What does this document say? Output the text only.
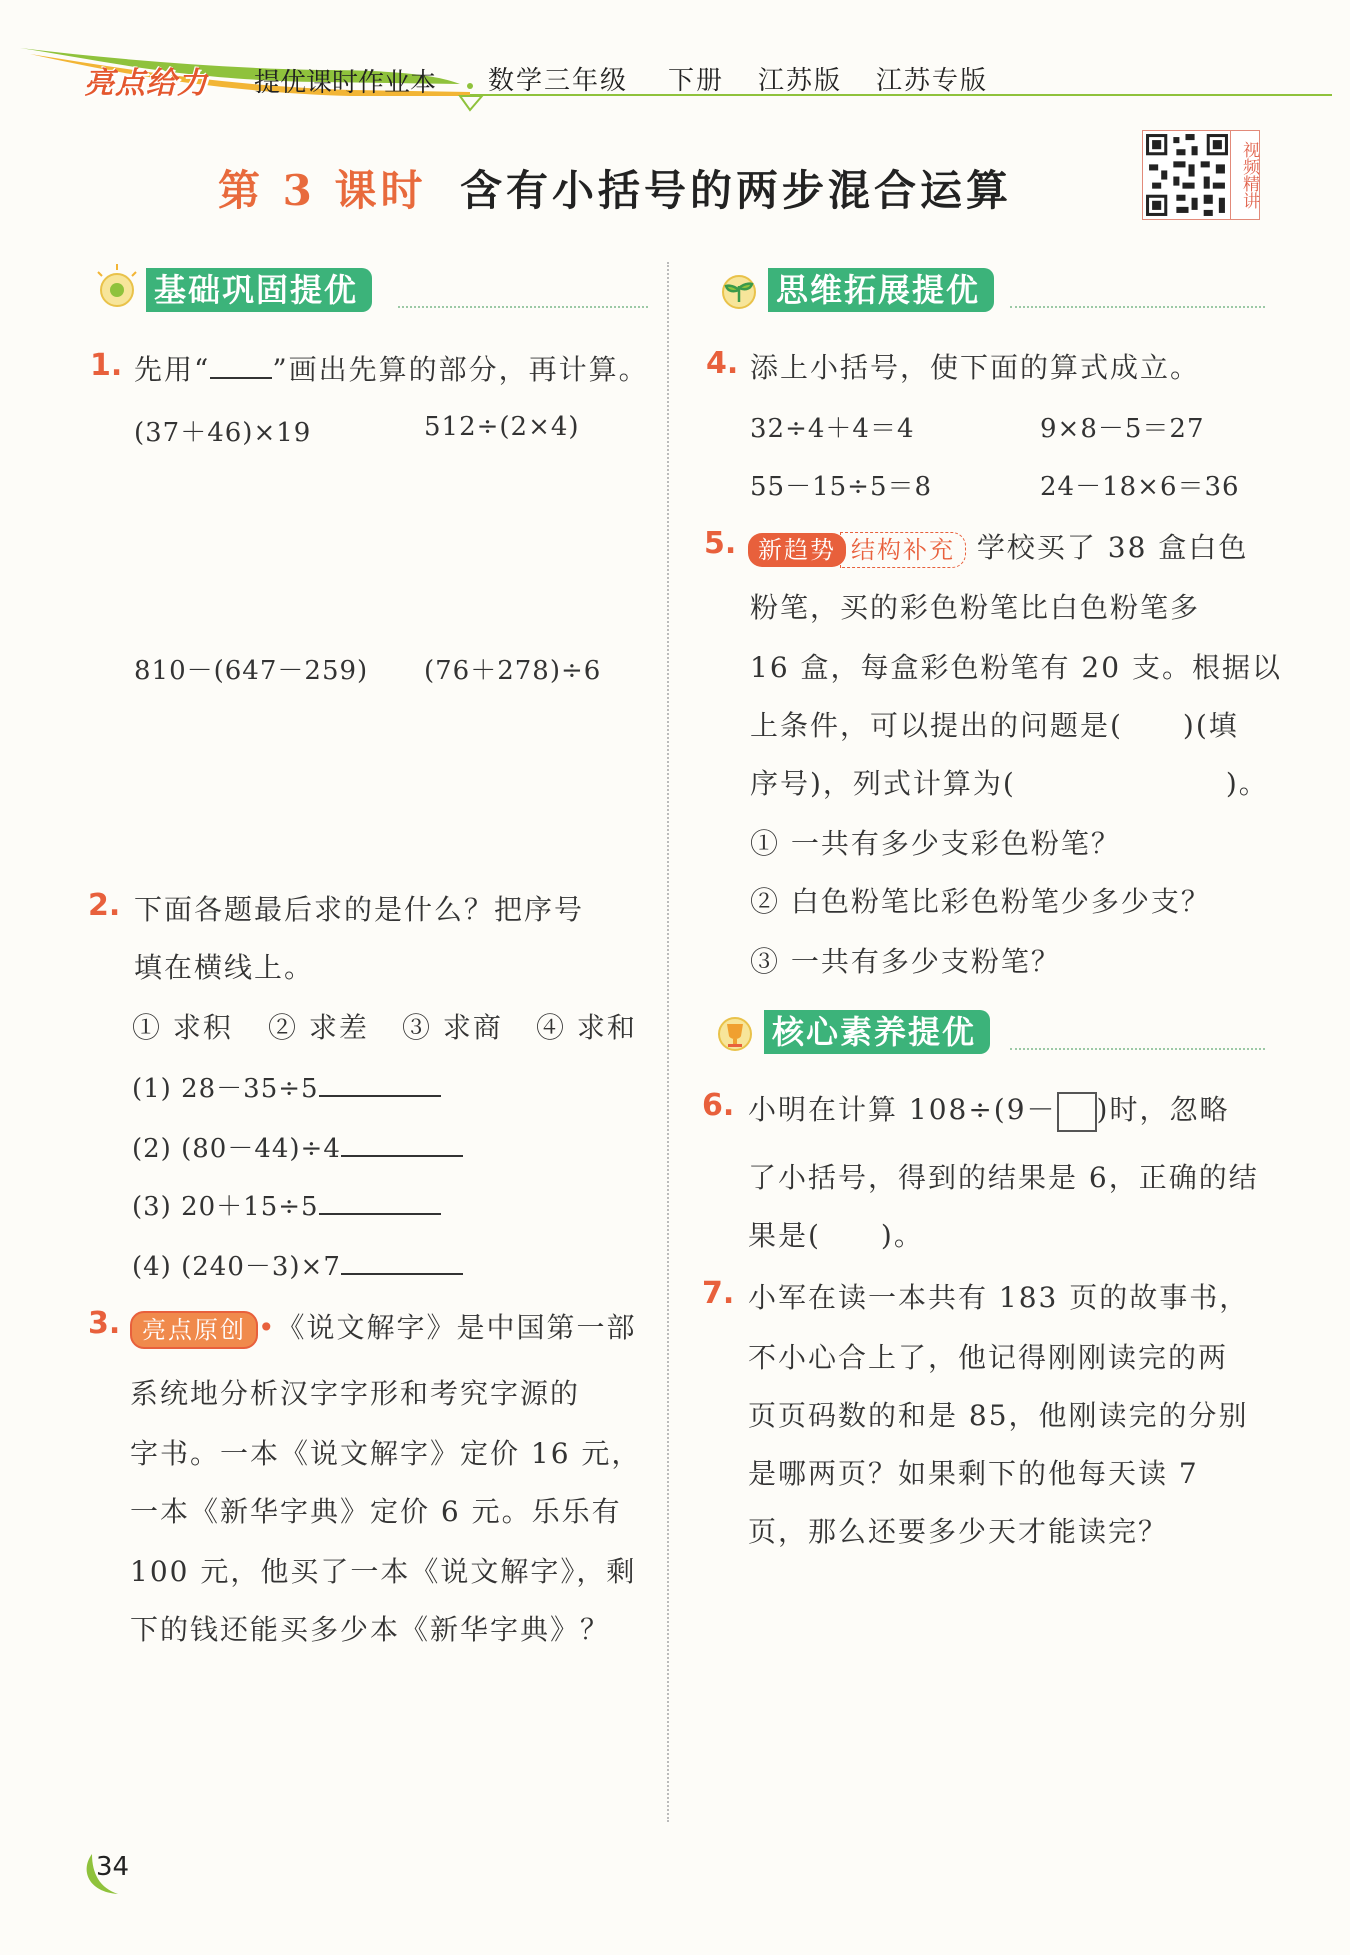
亮点给力 提优课时作业本 数学三年级 下册 江苏版 江苏专版
第 3 课时 含有小括号的两步混合运算	视频精讲
基础巩固提优	思维拓展提优
核心素养提优
1. 先用“ ”画出先算的部分，再计算。
(37＋46)×19	512÷(2×4)
810－(647－259) (76＋278)÷6
2. 下面各题最后求的是什么？把序号
填在横线上。
① 求积 ② 求差 ③ 求商 ④ 求和
(1) 28－35÷5
(2) (80－44)÷4
(3) 20＋15÷5
(4) (240－3)×7
3. 亮点原创 •《说文解字》是中国第一部
系统地分析汉字字形和考究字源的
字书。一本《说文解字》定价 16 元，
一本《新华字典》定价 6 元。乐乐有
100 元，他买了一本《说文解字》，剩
下的钱还能买多少本《新华字典》？
4. 添上小括号，使下面的算式成立。
32÷4＋4＝4	9×8－5＝27
55－15÷5＝8	24－18×6＝36
5. 新趋势 结构补充 学校买了 38 盒白色
粉笔，买的彩色粉笔比白色粉笔多
16 盒，每盒彩色粉笔有 20 支。根据以
上条件，可以提出的问题是(　　)(填
序号)，列式计算为(　　　　　　　)。
① 一共有多少支彩色粉笔？
② 白色粉笔比彩色粉笔少多少支？
③ 一共有多少支粉笔？
6. 小明在计算 108÷(9－ )时，忽略
了小括号，得到的结果是 6，正确的结
果是(　　)。
7. 小军在读一本共有 183 页的故事书，
不小心合上了，他记得刚刚读完的两
页页码数的和是 85，他刚读完的分别
是哪两页？如果剩下的他每天读 7
页，那么还要多少天才能读完？
34
